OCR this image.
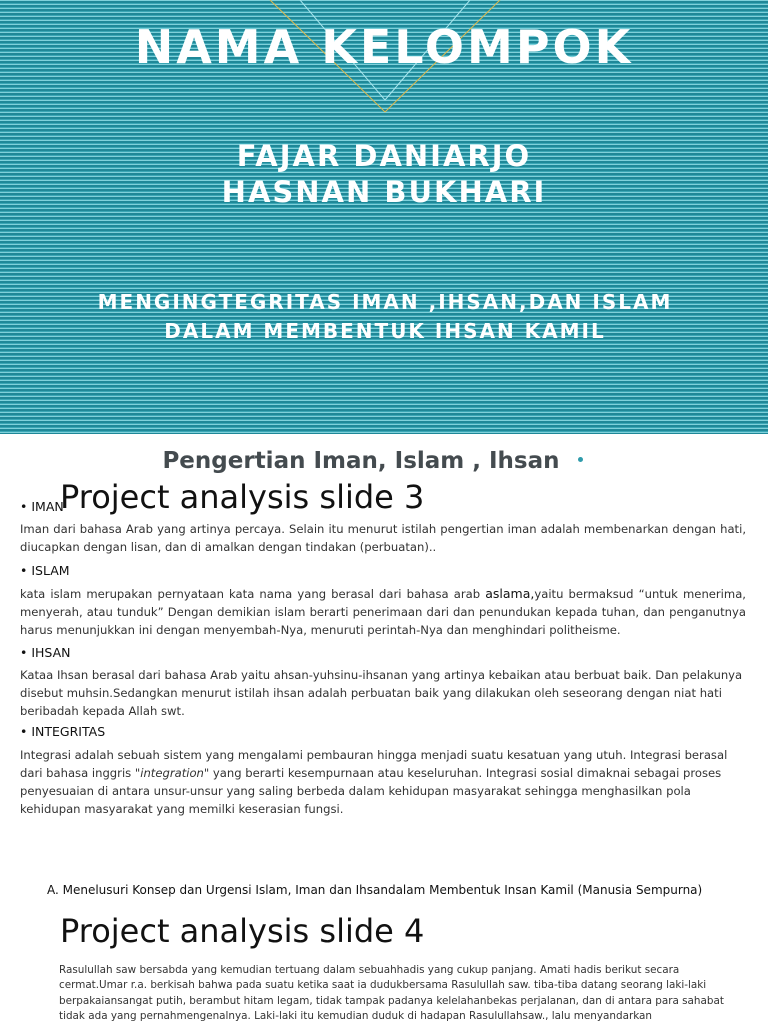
NAMA KELOMPOK
FAJAR DANIARJO
HASNAN BUKHARI
MENGINGTEGRITAS IMAN ,IHSAN,DAN ISLAM DALAM MEMBENTUK IHSAN KAMIL
Pengertian Iman, Islam , Ihsan
Project analysis slide 3
• IMAN
Iman dari bahasa Arab yang artinya percaya. Selain itu menurut istilah pengertian iman adalah membenarkan dengan hati, diucapkan dengan lisan, dan di amalkan dengan tindakan (perbuatan)..
• ISLAM
kata islam merupakan pernyataan kata nama yang berasal dari bahasa arab aslama,yaitu bermaksud “untuk menerima, menyerah, atau tunduk” Dengan demikian islam berarti penerimaan dari dan penundukan kepada tuhan, dan penganutnya harus menunjukkan ini dengan menyembah-Nya, menuruti perintah-Nya dan menghindari politheisme.
• IHSAN
Kataa Ihsan berasal dari bahasa Arab yaitu ahsan-yuhsinu-ihsanan yang artinya kebaikan atau berbuat baik. Dan pelakunya disebut muhsin.Sedangkan menurut istilah ihsan adalah perbuatan baik yang dilakukan oleh seseorang dengan niat hati beribadah kepada Allah swt.
• INTEGRITAS
Integrasi adalah sebuah sistem yang mengalami pembauran hingga menjadi suatu kesatuan yang utuh. Integrasi berasal dari bahasa inggris "integration" yang berarti kesempurnaan atau keseluruhan. Integrasi sosial dimaknai sebagai proses penyesuaian di antara unsur-unsur yang saling berbeda dalam kehidupan masyarakat sehingga menghasilkan pola kehidupan masyarakat yang memilki keserasian fungsi.
A. Menelusuri Konsep dan Urgensi Islam, Iman dan Ihsandalam Membentuk Insan Kamil (Manusia Sempurna)
Project analysis slide 4
Rasulullah saw bersabda yang kemudian tertuang dalam sebuahhadis yang cukup panjang. Amati hadis berikut secara cermat.Umar r.a. berkisah bahwa pada suatu ketika saat ia dudukbersama Rasulullah saw. tiba-tiba datang seorang laki-laki berpakaiansangat putih, berambut hitam legam, tidak tampak padanya kelelahanbekas perjalanan, dan di antara para sahabat tidak ada yang pernahmengenalnya. Laki-laki itu kemudian duduk di hadapan Rasulullahsaw., lalu menyandarkan
